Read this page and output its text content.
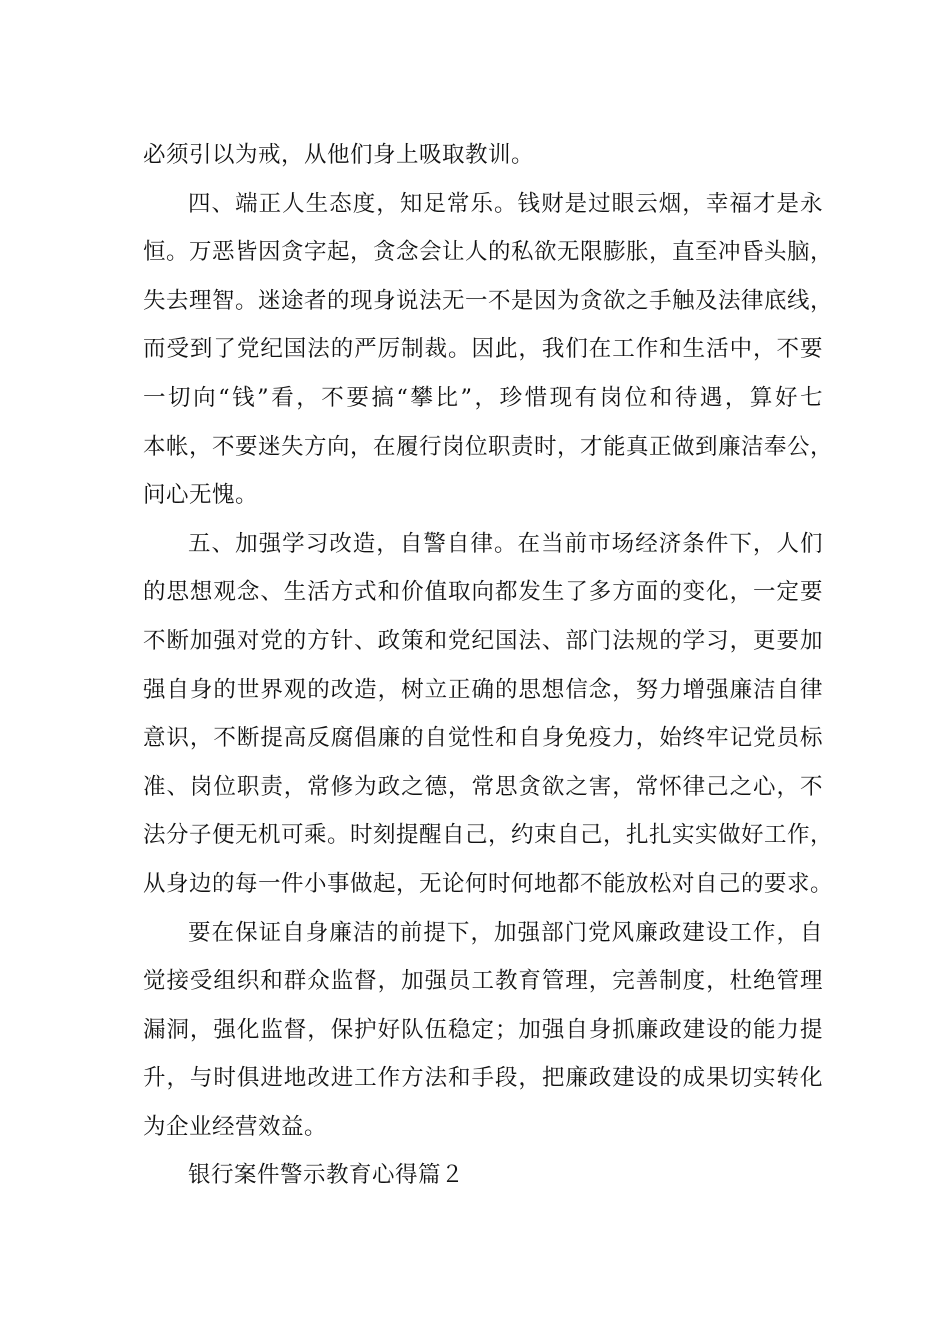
必须引以为戒，从他们身上吸取教训。
四、端正人生态度，知足常乐。钱财是过眼云烟，幸福才是永
恒。万恶皆因贪字起，贪念会让人的私欲无限膨胀，直至冲昏头脑，
失去理智。迷途者的现身说法无一不是因为贪欲之手触及法律底线，
而受到了党纪国法的严厉制裁。因此，我们在工作和生活中，不要
一切向“钱”看，不要搞“攀比”，珍惜现有岗位和待遇，算好七
本帐，不要迷失方向，在履行岗位职责时，才能真正做到廉洁奉公，
问心无愧。
五、加强学习改造，自警自律。在当前市场经济条件下，人们
的思想观念、生活方式和价值取向都发生了多方面的变化，一定要
不断加强对党的方针、政策和党纪国法、部门法规的学习，更要加
强自身的世界观的改造，树立正确的思想信念，努力增强廉洁自律
意识，不断提高反腐倡廉的自觉性和自身免疫力，始终牢记党员标
准、岗位职责，常修为政之德，常思贪欲之害，常怀律己之心，不
法分子便无机可乘。时刻提醒自己，约束自己，扎扎实实做好工作，
从身边的每一件小事做起，无论何时何地都不能放松对自己的要求。
要在保证自身廉洁的前提下，加强部门党风廉政建设工作，自
觉接受组织和群众监督，加强员工教育管理，完善制度，杜绝管理
漏洞，强化监督，保护好队伍稳定；加强自身抓廉政建设的能力提
升，与时俱进地改进工作方法和手段，把廉政建设的成果切实转化
为企业经营效益。
银行案件警示教育心得篇２
